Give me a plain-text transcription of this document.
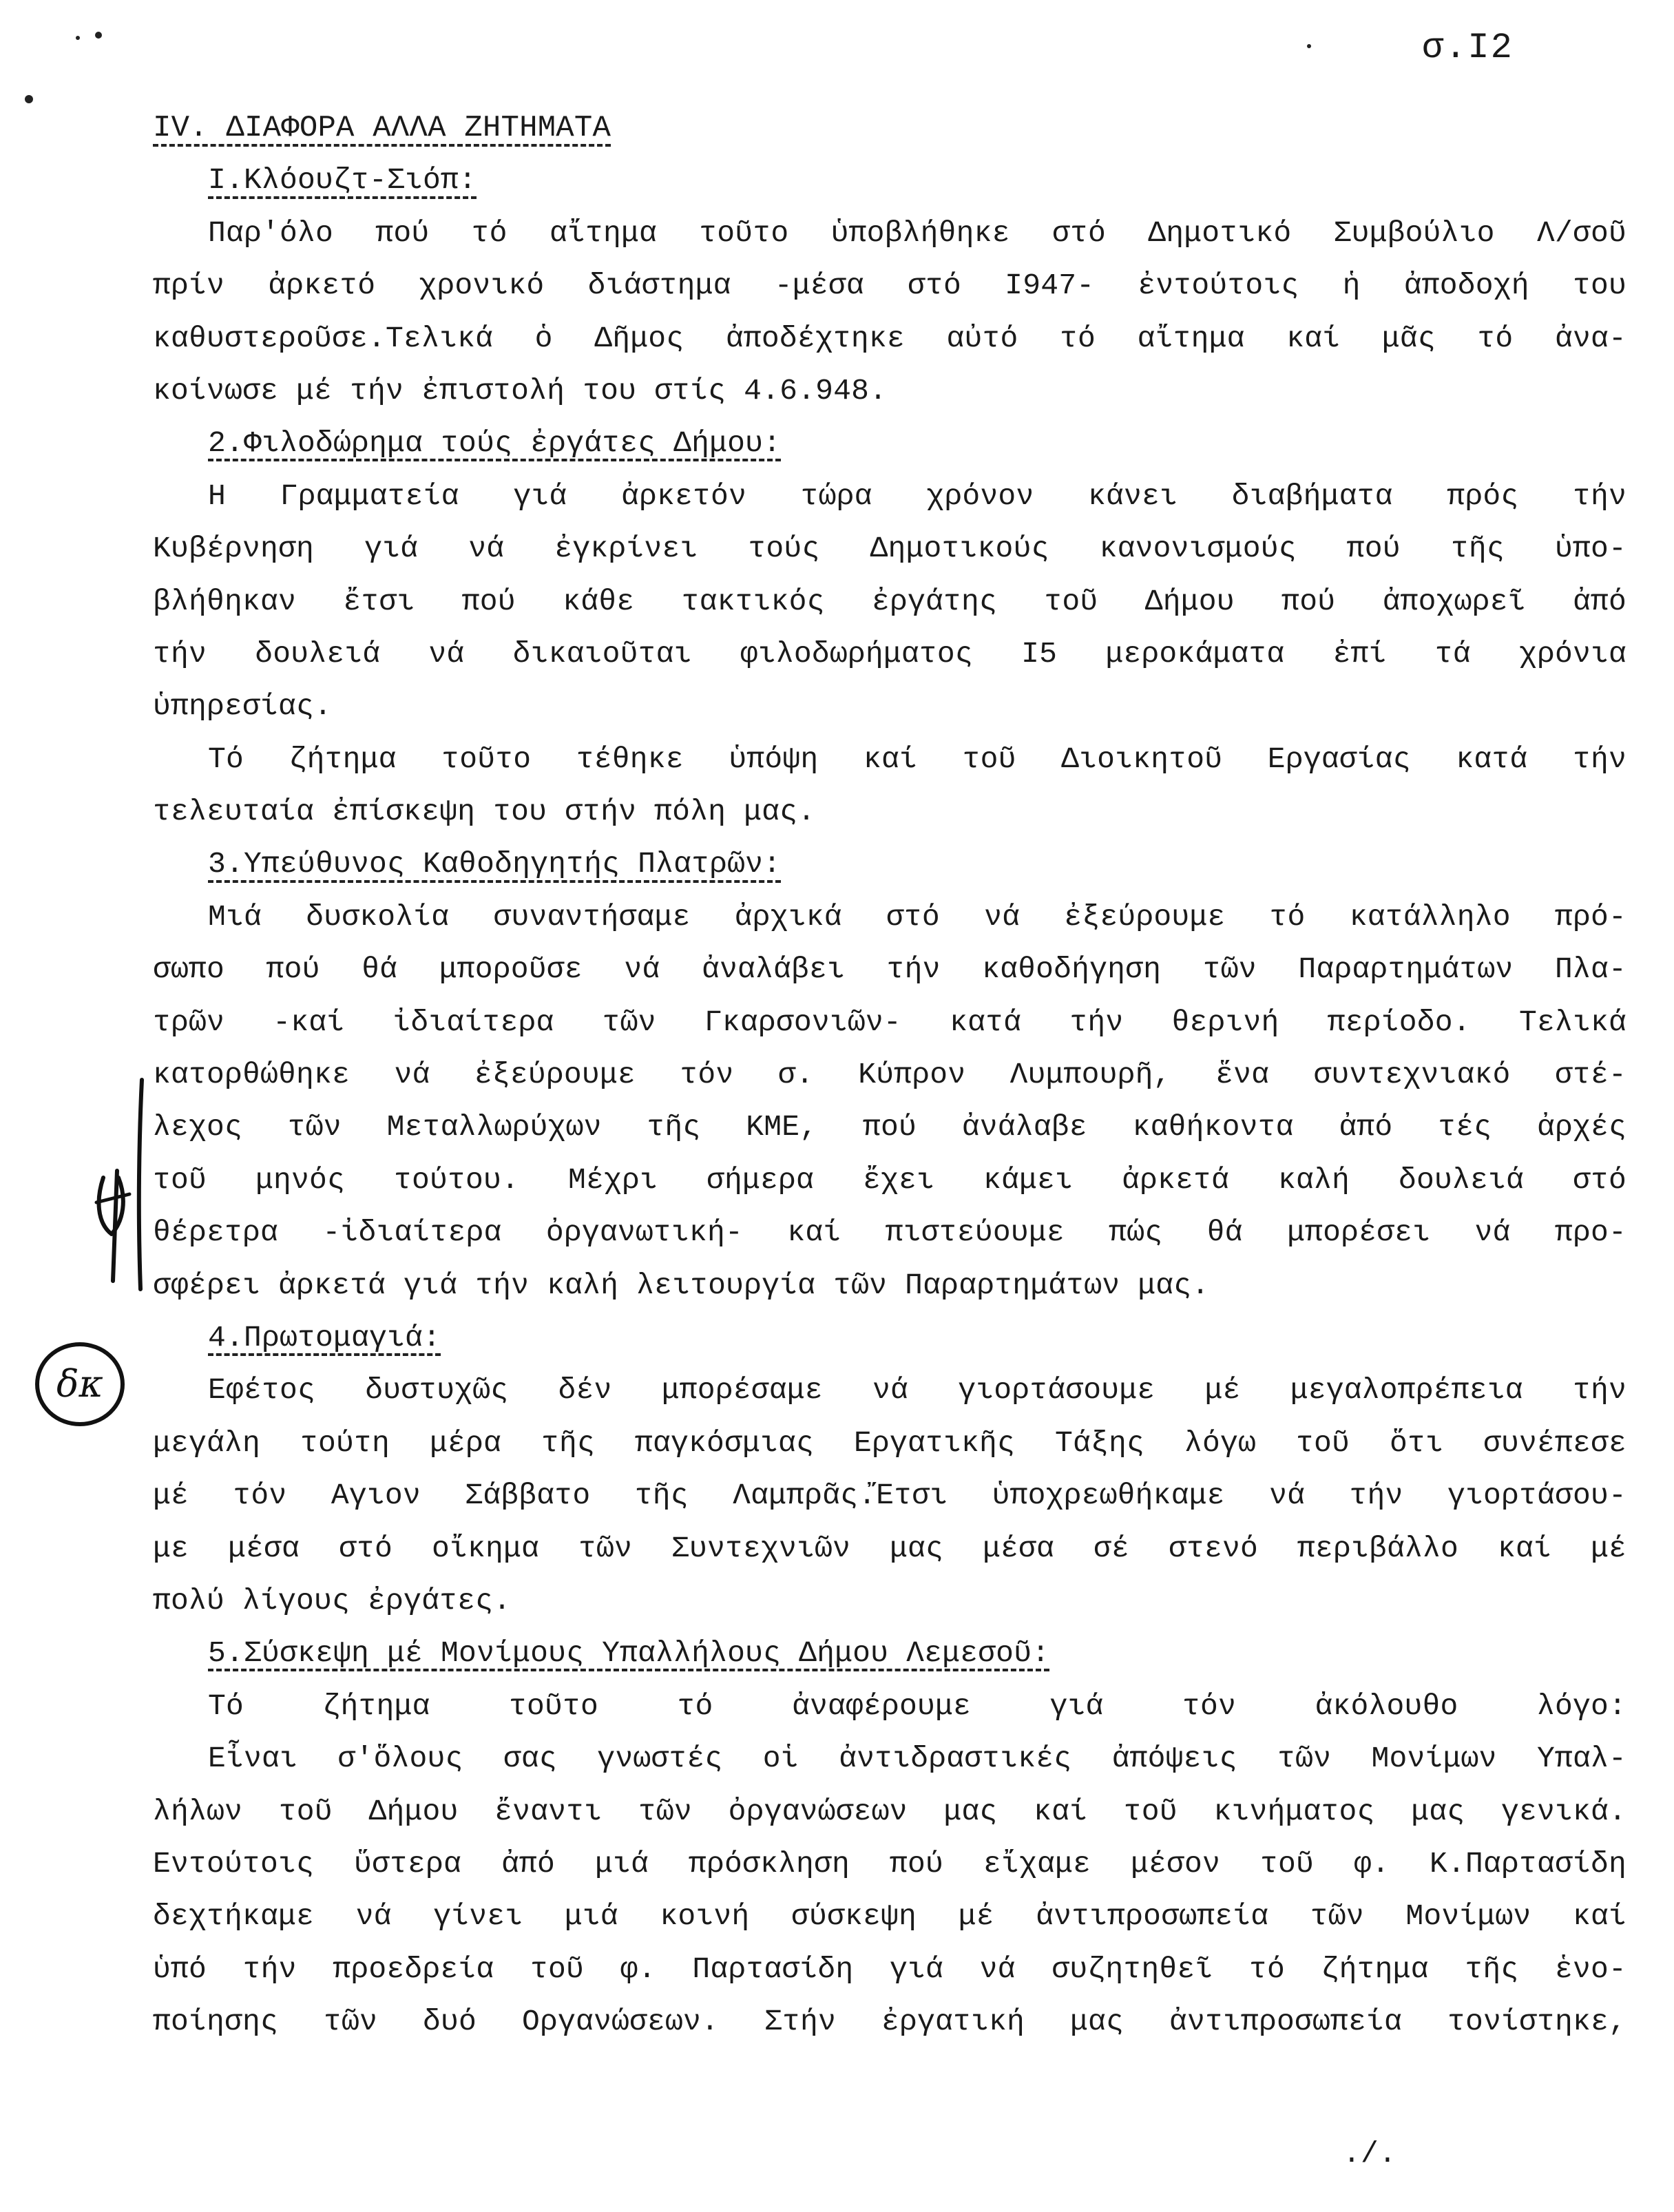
σ.Ι2
δκ
IV. ΔΙΑΦΟΡΑ ΑΛΛΑ ΖΗΤΗΜΑΤΑ
Ι.Κλόουζτ-Σιόπ:
Παρ'όλο πού τό αἴτημα τοῦτο ὑποβλήθηκε στό Δημοτικό Συμβούλιο Λ/σοῦ
πρίν ἀρκετό χρονικό διάστημα -μέσα στό Ι947- ἐντούτοις ἡ ἀποδοχή του
καθυστεροῦσε.Τελικά ὁ Δῆμος ἀποδέχτηκε αὐτό τό αἴτημα καί μᾶς τό ἀνα-
κοίνωσε μέ τήν ἐπιστολή του στίς 4.6.948.
2.Φιλοδώρημα τούς ἐργάτες Δήμου:
Η Γραμματεία γιά ἀρκετόν τώρα χρόνον κάνει διαβήματα πρός τήν
Κυβέρνηση γιά νά ἐγκρίνει τούς Δημοτικούς κανονισμούς πού τῆς ὑπο-
βλήθηκαν ἔτσι πού κάθε τακτικός ἐργάτης τοῦ Δήμου πού ἀποχωρεῖ ἀπό
τήν δουλειά νά δικαιοῦται φιλοδωρήματος Ι5 μεροκάματα ἐπί τά χρόνια
ὑπηρεσίας.
Τό ζήτημα τοῦτο τέθηκε ὑπόψη καί τοῦ Διοικητοῦ Εργασίας κατά τήν
τελευταία ἐπίσκεψη του στήν πόλη μας.
3.Υπεύθυνος Καθοδηγητής Πλατρῶν:
Μιά δυσκολία συναντήσαμε ἀρχικά στό νά ἐξεύρουμε τό κατάλληλο πρό-
σωπο πού θά μποροῦσε νά ἀναλάβει τήν καθοδήγηση τῶν Παραρτημάτων Πλα-
τρῶν -καί ἰδιαίτερα τῶν Γκαρσονιῶν- κατά τήν θερινή περίοδο. Τελικά
κατορθώθηκε νά ἐξεύρουμε τόν σ. Κύπρον Λυμπουρῆ, ἕνα συντεχνιακό στέ-
λεχος τῶν Μεταλλωρύχων τῆς ΚΜΕ, πού ἀνάλαβε καθήκοντα ἀπό τές ἀρχές
τοῦ μηνός τούτου. Μέχρι σήμερα ἔχει κάμει ἀρκετά καλή δουλειά στό
θέρετρα -ἰδιαίτερα ὀργανωτική- καί πιστεύουμε πώς θά μπορέσει νά προ-
σφέρει ἀρκετά γιά τήν καλή λειτουργία τῶν Παραρτημάτων μας.
4.Πρωτομαγιά:
Εφέτος δυστυχῶς δέν μπορέσαμε νά γιορτάσουμε μέ μεγαλοπρέπεια τήν
μεγάλη τούτη μέρα τῆς παγκόσμιας Εργατικῆς Τάξης λόγω τοῦ ὅτι συνέπεσε
μέ τόν Αγιον Σάββατο τῆς Λαμπρᾶς.Ἔτσι ὑποχρεωθήκαμε νά τήν γιορτάσου-
με μέσα στό οἴκημα τῶν Συντεχνιῶν μας μέσα σέ στενό περιβάλλο καί μέ
πολύ λίγους ἐργάτες.
5.Σύσκεψη μέ Μονίμους Υπαλλήλους Δήμου Λεμεσοῦ:
Τό ζήτημα τοῦτο τό ἀναφέρουμε γιά τόν ἀκόλουθο λόγο:
Εἶναι σ'ὅλους σας γνωστές οἱ ἀντιδραστικές ἀπόψεις τῶν Μονίμων Υπαλ-
λήλων τοῦ Δήμου ἔναντι τῶν ὀργανώσεων μας καί τοῦ κινήματος μας γενικά.
Εντούτοις ὕστερα ἀπό μιά πρόσκληση πού εἴχαμε μέσον τοῦ φ. Κ.Παρτασίδη
δεχτήκαμε νά γίνει μιά κοινή σύσκεψη μέ ἀντιπροσωπεία τῶν Μονίμων καί
ὑπό τήν προεδρεία τοῦ φ. Παρτασίδη γιά νά συζητηθεῖ τό ζήτημα τῆς ἑνο-
ποίησης τῶν δυό Οργανώσεων. Στήν ἐργατική μας ἀντιπροσωπεία τονίστηκε,
./.
